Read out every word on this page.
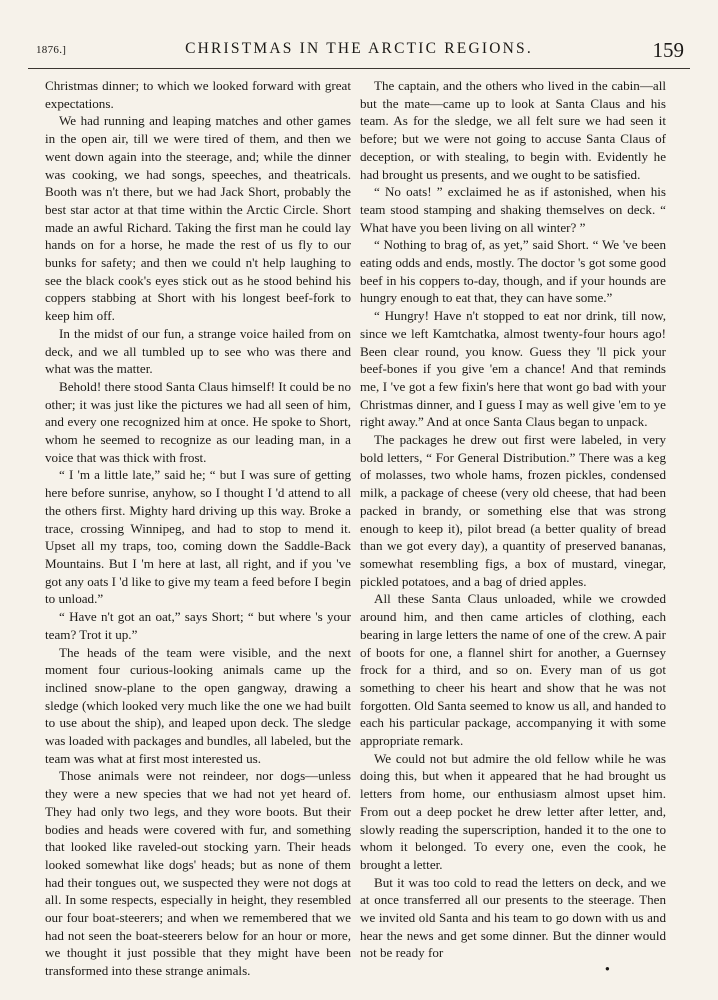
1876.]	CHRISTMAS IN THE ARCTIC REGIONS.	159

Christmas dinner; to which we looked forward with great expectations.

We had running and leaping matches and other games in the open air, till we were tired of them, and then we went down again into the steerage, and; while the dinner was cooking, we had songs, speeches, and theatricals. Booth was n't there, but we had Jack Short, probably the best star actor at that time within the Arctic Circle. Short made an awful Richard. Taking the first man he could lay hands on for a horse, he made the rest of us fly to our bunks for safety; and then we could n't help laughing to see the black cook's eyes stick out as he stood behind his coppers stabbing at Short with his longest beef-fork to keep him off.

In the midst of our fun, a strange voice hailed from on deck, and we all tumbled up to see who was there and what was the matter.

Behold! there stood Santa Claus himself! It could be no other; it was just like the pictures we had all seen of him, and every one recognized him at once. He spoke to Short, whom he seemed to recognize as our leading man, in a voice that was thick with frost.

“ I 'm a little late,” said he; “ but I was sure of getting here before sunrise, anyhow, so I thought I 'd attend to all the others first. Mighty hard driving up this way. Broke a trace, crossing Winnipeg, and had to stop to mend it. Upset all my traps, too, coming down the Saddle-Back Mountains. But I 'm here at last, all right, and if you 've got any oats I 'd like to give my team a feed before I begin to unload.”

“ Have n't got an oat,” says Short; “ but where 's your team? Trot it up.”

The heads of the team were visible, and the next moment four curious-looking animals came up the inclined snow-plane to the open gangway, drawing a sledge (which looked very much like the one we had built to use about the ship), and leaped upon deck. The sledge was loaded with packages and bundles, all labeled, but the team was what at first most interested us.

Those animals were not reindeer, nor dogs—unless they were a new species that we had not yet heard of. They had only two legs, and they wore boots. But their bodies and heads were covered with fur, and something that looked like raveled-out stocking yarn. Their heads looked somewhat like dogs' heads; but as none of them had their tongues out, we suspected they were not dogs at all. In some respects, especially in height, they resembled our four boat-steerers; and when we remembered that we had not seen the boat-steerers below for an hour or more, we thought it just possible that they might have been transformed into these strange animals.

The captain, and the others who lived in the cabin—all but the mate—came up to look at Santa Claus and his team. As for the sledge, we all felt sure we had seen it before; but we were not going to accuse Santa Claus of deception, or with stealing, to begin with. Evidently he had brought us presents, and we ought to be satisfied.

“ No oats! ” exclaimed he as if astonished, when his team stood stamping and shaking themselves on deck. “ What have you been living on all winter? ”

“ Nothing to brag of, as yet,” said Short. “ We 've been eating odds and ends, mostly. The doctor 's got some good beef in his coppers to-day, though, and if your hounds are hungry enough to eat that, they can have some.”

“ Hungry! Have n't stopped to eat nor drink, till now, since we left Kamtchatka, almost twenty-four hours ago! Been clear round, you know. Guess they 'll pick your beef-bones if you give 'em a chance! And that reminds me, I 've got a few fixin's here that wont go bad with your Christmas dinner, and I guess I may as well give 'em to ye right away.” And at once Santa Claus began to unpack.

The packages he drew out first were labeled, in very bold letters, “ For General Distribution.” There was a keg of molasses, two whole hams, frozen pickles, condensed milk, a package of cheese (very old cheese, that had been packed in brandy, or something else that was strong enough to keep it), pilot bread (a better quality of bread than we got every day), a quantity of preserved bananas, somewhat resembling figs, a box of mustard, vinegar, pickled potatoes, and a bag of dried apples.

All these Santa Claus unloaded, while we crowded around him, and then came articles of clothing, each bearing in large letters the name of one of the crew. A pair of boots for one, a flannel shirt for another, a Guernsey frock for a third, and so on. Every man of us got something to cheer his heart and show that he was not forgotten. Old Santa seemed to know us all, and handed to each his particular package, accompanying it with some appropriate remark.

We could not but admire the old fellow while he was doing this, but when it appeared that he had brought us letters from home, our enthusiasm almost upset him. From out a deep pocket he drew letter after letter, and, slowly reading the superscription, handed it to the one to whom it belonged. To every one, even the cook, he brought a letter.

But it was too cold to read the letters on deck, and we at once transferred all our presents to the steerage. Then we invited old Santa and his team to go down with us and hear the news and get some dinner. But the dinner would not be ready for

●
